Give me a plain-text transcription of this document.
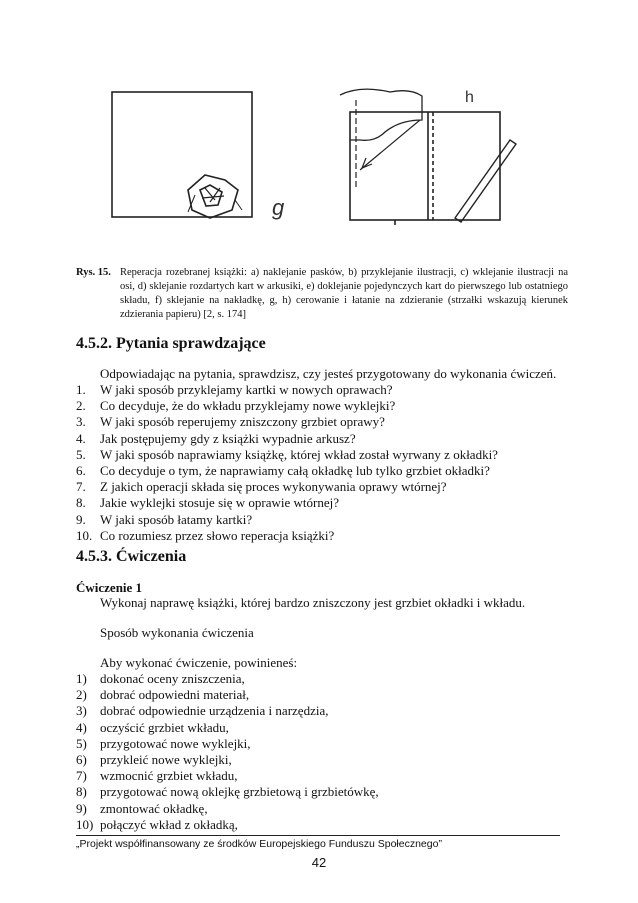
g
h
Rys. 15. Reperacja rozebranej książki: a) naklejanie pasków, b) przyklejanie ilustracji, c) wklejanie ilustracji na osi, d) sklejanie rozdartych kart w arkusiki, e) doklejanie pojedynczych kart do pierwszego lub ostatniego składu, f) sklejanie na nakładkę, g, h) cerowanie i łatanie na zdzieranie (strzałki wskazują kierunek zdzierania papieru) [2, s. 174]
4.5.2. Pytania sprawdzające
Odpowiadając na pytania, sprawdzisz, czy jesteś przygotowany do wykonania ćwiczeń.
1. W jaki sposób przyklejamy kartki w nowych oprawach?
2. Co decyduje, że do wkładu przyklejamy nowe wyklejki?
3. W jaki sposób reperujemy zniszczony grzbiet oprawy?
4. Jak postępujemy gdy z książki wypadnie arkusz?
5. W jaki sposób naprawiamy książkę, której wkład został wyrwany z okładki?
6. Co decyduje o tym, że naprawiamy całą okładkę lub tylko grzbiet okładki?
7. Z jakich operacji składa się proces wykonywania oprawy wtórnej?
8. Jakie wyklejki stosuje się w oprawie wtórnej?
9. W jaki sposób łatamy kartki?
10. Co rozumiesz przez słowo reperacja książki?
4.5.3. Ćwiczenia
Ćwiczenie 1
Wykonaj naprawę książki, której bardzo zniszczony jest grzbiet okładki i wkładu.
Sposób wykonania ćwiczenia
Aby wykonać ćwiczenie, powinieneś:
1) dokonać oceny zniszczenia,
2) dobrać odpowiedni materiał,
3) dobrać odpowiednie urządzenia i narzędzia,
4) oczyścić grzbiet wkładu,
5) przygotować nowe wyklejki,
6) przykleić nowe wyklejki,
7) wzmocnić grzbiet wkładu,
8) przygotować nową oklejkę grzbietową i grzbietówkę,
9) zmontować okładkę,
10) połączyć wkład z okładką,
„Projekt współfinansowany ze środków Europejskiego Funduszu Społecznego”
42
